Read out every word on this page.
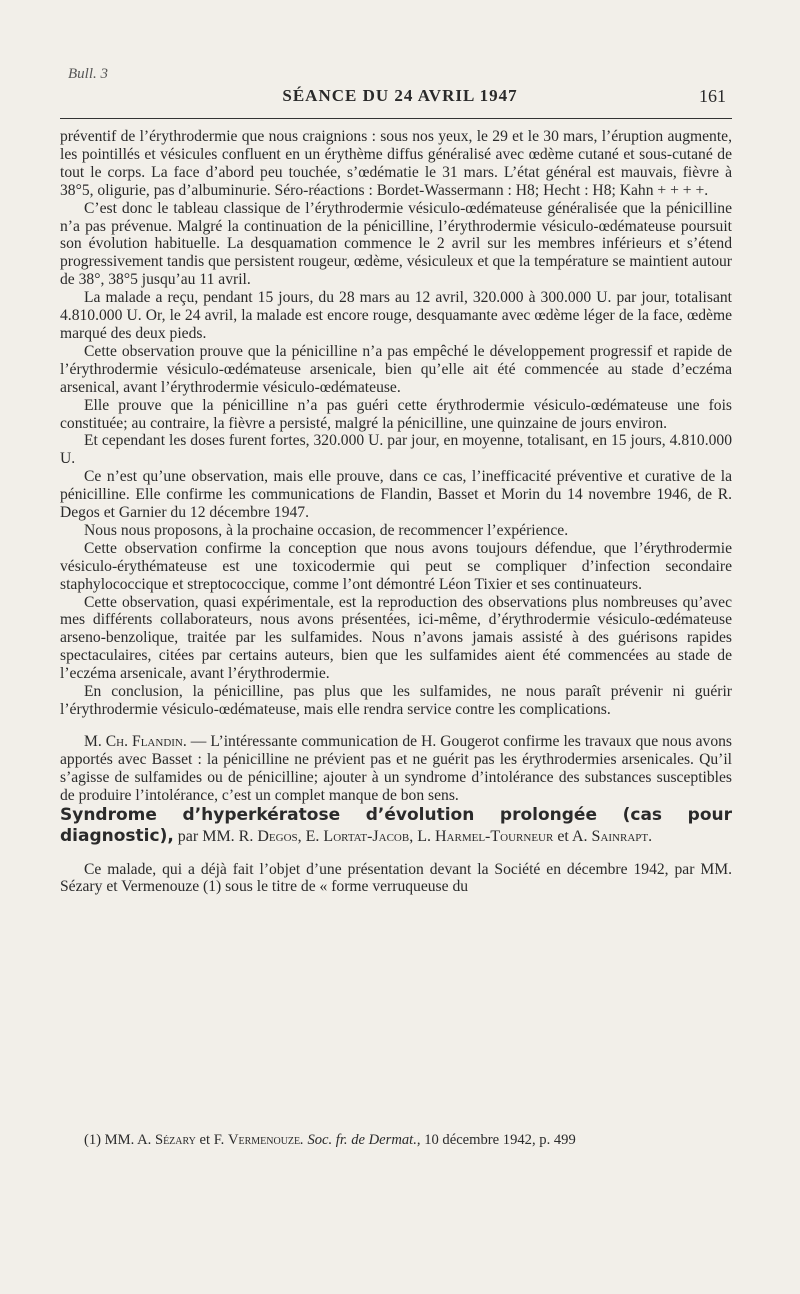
Bull. 3
SÉANCE DU 24 AVRIL 1947	161

préventif de l’érythrodermie que nous craignions : sous nos yeux, le 29 et le 30 mars, l’éruption augmente, les pointillés et vésicules confluent en un érythème diffus généralisé avec œdème cutané et sous-cutané de tout le corps. La face d’abord peu touchée, s’œdématie le 31 mars. L’état général est mauvais, fièvre à 38°5, oligurie, pas d’albuminurie. Séro-réactions : Bordet-Wassermann : H8; Hecht : H8; Kahn + + + +.

C’est donc le tableau classique de l’érythrodermie vésiculo-œdémateuse généralisée que la pénicilline n’a pas prévenue. Malgré la continuation de la pénicilline, l’érythrodermie vésiculo-œdémateuse poursuit son évolution habituelle. La desquamation commence le 2 avril sur les membres inférieurs et s’étend progressivement tandis que persistent rougeur, œdème, vésiculeux et que la température se maintient autour de 38°, 38°5 jusqu’au 11 avril.

La malade a reçu, pendant 15 jours, du 28 mars au 12 avril, 320.000 à 300.000 U. par jour, totalisant 4.810.000 U. Or, le 24 avril, la malade est encore rouge, desquamante avec œdème léger de la face, œdème marqué des deux pieds.

Cette observation prouve que la pénicilline n’a pas empêché le développement progressif et rapide de l’érythrodermie vésiculo-œdémateuse arsenicale, bien qu’elle ait été commencée au stade d’eczéma arsenical, avant l’érythrodermie vésiculo-œdémateuse.

Elle prouve que la pénicilline n’a pas guéri cette érythrodermie vésiculo-œdémateuse une fois constituée; au contraire, la fièvre a persisté, malgré la pénicilline, une quinzaine de jours environ.

Et cependant les doses furent fortes, 320.000 U. par jour, en moyenne, totalisant, en 15 jours, 4.810.000 U.

Ce n’est qu’une observation, mais elle prouve, dans ce cas, l’inefficacité préventive et curative de la pénicilline. Elle confirme les communications de Flandin, Basset et Morin du 14 novembre 1946, de R. Degos et Garnier du 12 décembre 1947.

Nous nous proposons, à la prochaine occasion, de recommencer l’expérience.

Cette observation confirme la conception que nous avons toujours défendue, que l’érythrodermie vésiculo-érythémateuse est une toxicodermie qui peut se compliquer d’infection secondaire staphylococcique et streptococcique, comme l’ont démontré Léon Tixier et ses continuateurs.

Cette observation, quasi expérimentale, est la reproduction des observations plus nombreuses qu’avec mes différents collaborateurs, nous avons présentées, ici-même, d’érythrodermie vésiculo-œdémateuse arseno-benzolique, traitée par les sulfamides. Nous n’avons jamais assisté à des guérisons rapides spectaculaires, citées par certains auteurs, bien que les sulfamides aient été commencées au stade de l’eczéma arsenicale, avant l’érythrodermie.

En conclusion, la pénicilline, pas plus que les sulfamides, ne nous paraît prévenir ni guérir l’érythrodermie vésiculo-œdémateuse, mais elle rendra service contre les complications.

M. Ch. Flandin. — L’intéressante communication de H. Gougerot confirme les travaux que nous avons apportés avec Basset : la pénicilline ne prévient pas et ne guérit pas les érythrodermies arsenicales. Qu’il s’agisse de sulfamides ou de pénicilline; ajouter à un syndrome d’intolérance des substances susceptibles de produire l’intolérance, c’est un complet manque de bon sens.

Syndrome d’hyperkératose d’évolution prolongée (cas pour diagnostic), par MM. R. Degos, E. Lortat-Jacob, L. Harmel-Tourneur et A. Sainrapt.

Ce malade, qui a déjà fait l’objet d’une présentation devant la Société en décembre 1942, par MM. Sézary et Vermenouze (1) sous le titre de « forme verruqueuse du

(1) MM. A. Sézary et F. Vermenouze. Soc. fr. de Dermat., 10 décembre 1942, p. 499
